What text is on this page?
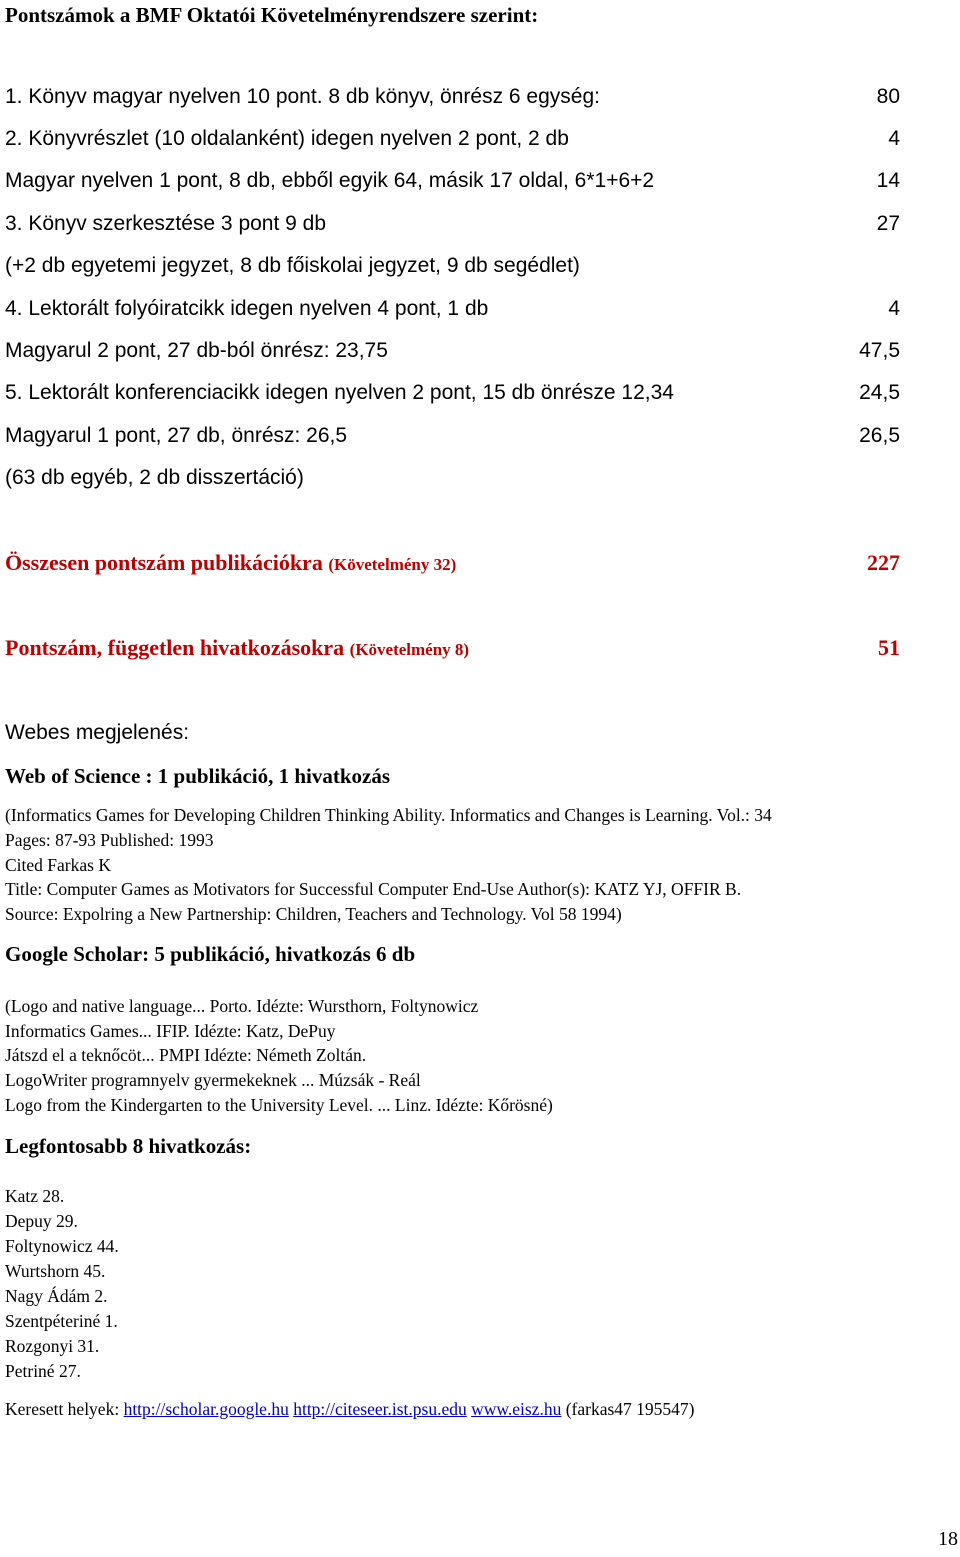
Pontszámok a BMF Oktatói Követelményrendszere szerint:
1. Könyv magyar nyelven 10 pont. 8 db könyv, önrész 6 egység:	80
2. Könyvrészlet (10 oldalanként) idegen nyelven 2 pont, 2 db	4
Magyar nyelven 1 pont, 8 db, ebből egyik 64, másik 17 oldal, 6*1+6+2	14
3. Könyv szerkesztése 3 pont 9 db	27
(+2 db egyetemi jegyzet, 8 db főiskolai jegyzet, 9 db segédlet)
4. Lektorált folyóiratcikk idegen nyelven 4 pont, 1 db	4
Magyarul 2 pont, 27 db-ból önrész: 23,75	47,5
5. Lektorált konferenciacikk idegen nyelven 2 pont, 15 db önrésze 12,34	24,5
Magyarul 1 pont, 27 db, önrész: 26,5	26,5
(63 db egyéb, 2 db disszertáció)
Összesen pontszám publikációkra (Követelmény 32)	227
Pontszám, független hivatkozásokra (Követelmény 8)	51
Webes megjelenés:
Web of Science : 1 publikáció, 1 hivatkozás
(Informatics Games for Developing Children Thinking Ability. Informatics and Changes is Learning. Vol.: 34
Pages: 87-93 Published: 1993
Cited Farkas K
Title: Computer Games as Motivators for Successful Computer End-Use Author(s): KATZ YJ, OFFIR B.
Source: Expolring a New Partnership: Children, Teachers and Technology. Vol 58 1994)
Google Scholar: 5 publikáció, hivatkozás 6 db
(Logo and native language... Porto. Idézte: Wursthorn, Foltynowicz
Informatics Games... IFIP. Idézte: Katz, DePuy
Játszd el a teknőcöt... PMPI Idézte: Németh Zoltán.
LogoWriter programnyelv gyermekeknek ... Múzsák - Reál
Logo from the Kindergarten to the University Level. ... Linz. Idézte: Kőrösné)
Legfontosabb 8 hivatkozás:
Katz 28.
Depuy 29.
Foltynowicz 44.
Wurtshorn 45.
Nagy Ádám 2.
Szentpéteriné 1.
Rozgonyi 31.
Petriné 27.
Keresett helyek: http://scholar.google.hu http://citeseer.ist.psu.edu www.eisz.hu (farkas47 195547)
18
